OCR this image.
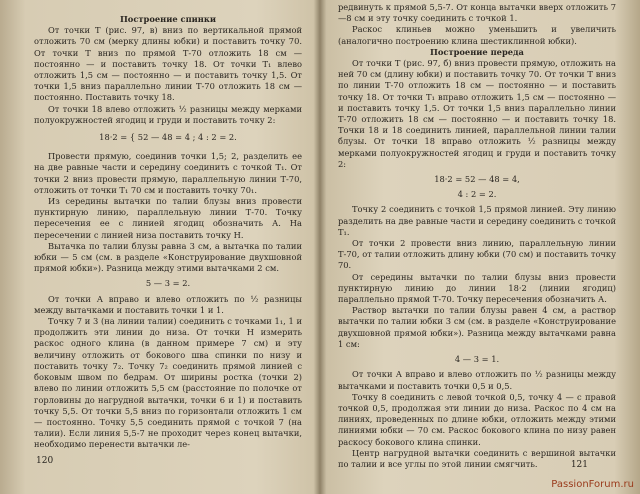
Построение спинки

От точки Т (рис. 97, в) вниз по вертикальной прямой отложить 70 см (мерку длины юбки) и поставить точку 70. От точки Т вниз по прямой Т-70 отложить 18 см — постоянно — и поставить точку 18. От точки Т₁ влево отложить 1,5 см — постоянно — и поставить точку 1,5. От точки 1,5 вниз параллельно линии Т-70 отложить 18 см — постоянно. Поставить точку 18.

От точки 18 влево отложить ½ разницы между мерками полуокружностей ягодиц и груди и поставить точку 2:

18·2 = { 52 — 48 = 4 ; 4 : 2 = 2.

Провести прямую, соединив точки 1,5; 2, разделить ее на две равные части и середину соединить с точкой Т₁. От точки 2 вниз провести прямую, параллельную линии Т-70, отложить от точки Т₁ 70 см и поставить точку 70₁.

Из середины вытачки по талии блузы вниз провести пунктирную линию, параллельную линии Т-70. Точку пересечения ее с линией ягодиц обозначить А. На пересечении с линией низа поставить точку Н.

Вытачка по талии блузы равна 3 см, а вытачка по талии юбки — 5 см (см. в разделе «Конструирование двухшовной прямой юбки»). Разница между этими вытачками 2 см.

5 — 3 = 2.

От точки А вправо и влево отложить по ½ разницы между вытачками и поставить точки 1 и 1.

Точку 7 и 3 (на линии талии) соединить с точками 1₁, 1 и продолжить эти линии до низа. От точки Н измерить раскос одного клина (в данном примере 7 см) и эту величину отложить от бокового шва спинки по низу и поставить точку 7₂. Точку 7₂ соединить прямой линией с боковым швом по бедрам. От ширины ростка (точки 2) влево по линии отложить 5,5 см (расстояние по полочке от горловины до нагрудной вытачки, точки 6 и 1) и поставить точку 5,5. От точки 5,5 вниз по горизонтали отложить 1 см — постоянно. Точку 5,5 соединить прямой с точкой 7 (на талии). Если линия 5,5-7 не проходит через конец вытачки, необходимо перенести вытачки ле-

120

редвинуть к прямой 5,5-7. От конца вытачки вверх отложить 7—8 см и эту точку соединить с точкой 1.

Раскос клиньев можно уменьшить и увеличить (аналогично построению клина шестиклинной юбки).

Построение переда

От точки Т (рис. 97, б) вниз провести прямую, отложить на ней 70 см (длину юбки) и поставить точку 70. От точки Т вниз по линии Т-70 отложить 18 см — постоянно — и поставить точку 18. От точки Т₁ вправо отложить 1,5 см — постоянно — и поставить точку 1,5. От точки 1,5 вниз параллельно линии Т-70 отложить 18 см — постоянно — и поставить точку 18. Точки 18 и 18 соединить линией, параллельной линии талии блузы. От точки 18 вправо отложить ½ разницы между мерками полуокружностей ягодиц и груди и поставить точку 2:

18·2 = 52 — 48 = 4,

4 : 2 = 2.

Точку 2 соединить с точкой 1,5 прямой линией. Эту линию разделить на две равные части и середину соединить с точкой Т₁.

От точки 2 провести вниз линию, параллельную линии Т-70, от талии отложить длину юбки (70 см) и поставить точку 70.

От середины вытачки по талии блузы вниз провести пунктирную линию до линии 18·2 (линии ягодиц) параллельно прямой Т-70. Точку пересечения обозначить А.

Раствор вытачки по талии блузы равен 4 см, а раствор вытачки по талии юбки 3 см (см. в разделе «Конструирование двухшовной прямой юбки»). Разница между вытачками равна 1 см:

4 — 3 = 1.

От точки А вправо и влево отложить по ½ разницы между вытачками и поставить точки 0,5 и 0,5.

Точку 8 соединить с левой точкой 0,5, точку 4 — с правой точкой 0,5, продолжая эти линии до низа. Раскос по 4 см на линиях, проведенных по длине юбки, отложить между этими линиями юбки — 70 см. Раскос бокового клина по низу равен раскосу бокового клина спинки.

Центр нагрудной вытачки соединить с вершиной вытачки по талии и все углы по этой линии смягчить.	121
PassionForum.ru
